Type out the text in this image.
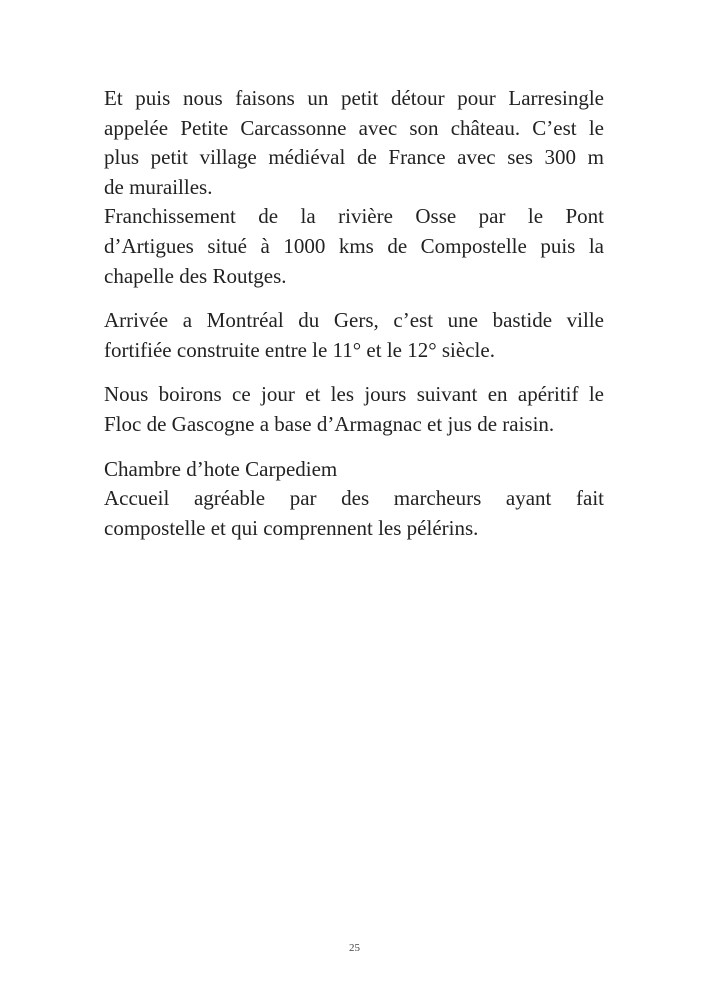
Et puis nous faisons un petit détour pour Larresingle
appelée Petite Carcassonne avec son château. C’est le
plus petit village médiéval de France avec ses 300 m
de murailles.
Franchissement de la rivière Osse par le Pont
d’Artigues situé à 1000 kms de Compostelle puis la
chapelle des Routges.

Arrivée a Montréal du Gers, c’est une bastide ville
fortifiée construite entre le 11° et le 12° siècle.

Nous boirons ce jour et les jours suivant en apéritif le
Floc de Gascogne a base d’Armagnac et jus de raisin.

Chambre d’hote Carpediem
Accueil agréable par des marcheurs ayant fait
compostelle et qui comprennent les pélérins.

25
